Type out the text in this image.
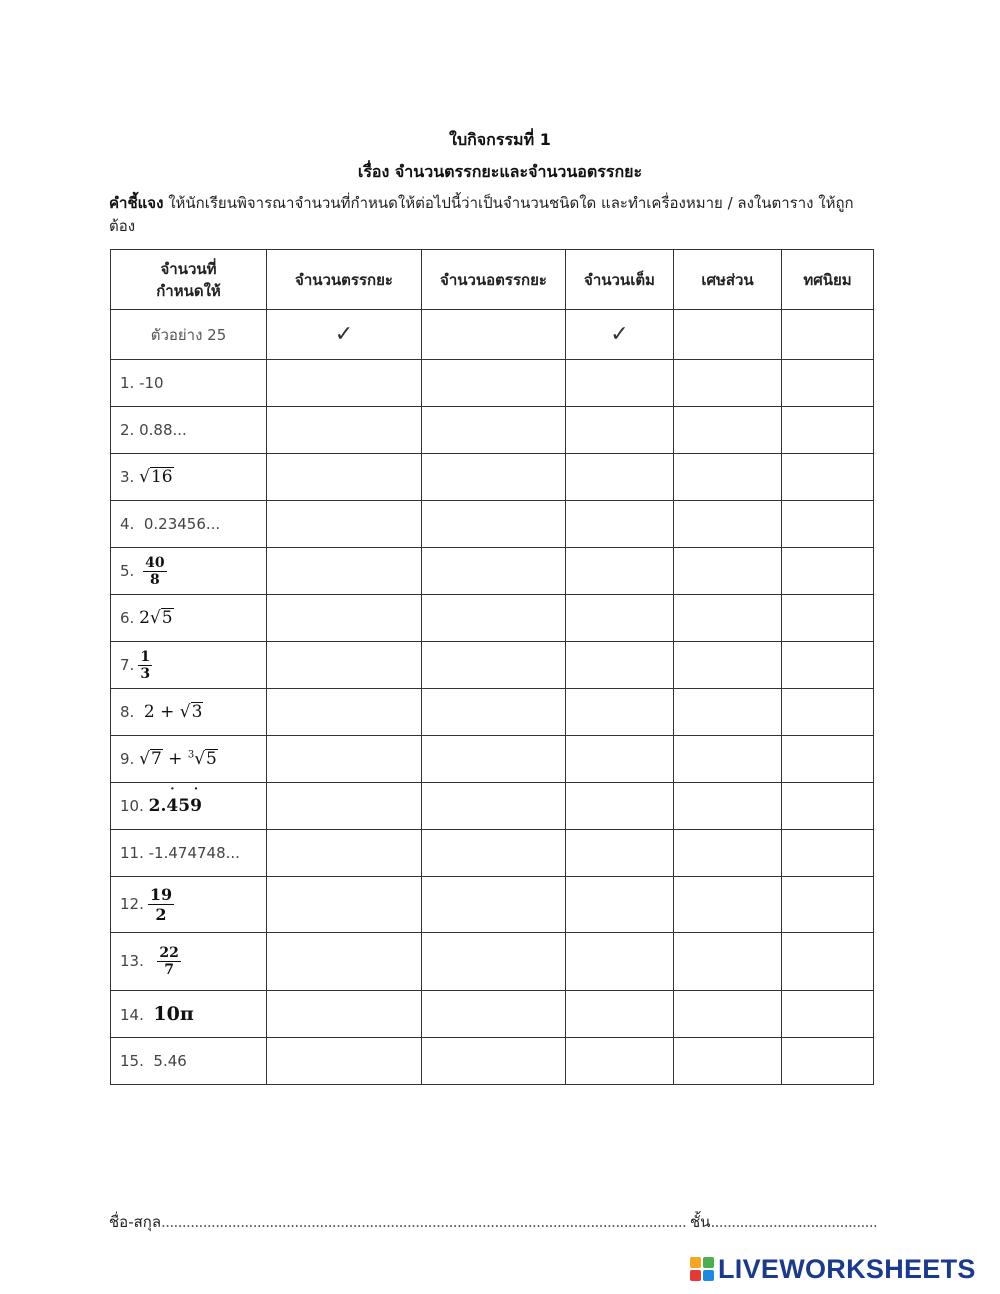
ใบกิจกรรมที่ 1
เรื่อง จำนวนตรรกยะและจำนวนอตรรกยะ
คำชี้แจง ให้นักเรียนพิจารณาจำนวนที่กำหนดให้ต่อไปนี้ว่าเป็นจำนวนชนิดใด และทำเครื่องหมาย / ลงในตาราง ให้ถูกต้อง
จำนวนที่
กำหนดให้	จำนวนตรรกยะ	จำนวนอตรรกยะ	จำนวนเต็ม	เศษส่วน	ทศนิยม
ตัวอย่าง 25	✓		✓		
1. -10					
2. 0.88...					
3. √16					
4. 0.23456...					
5. $\frac{40}{8}$

6. 2√5					
7. $\frac{1}{3}$

8. 2 + √3					
9. √7 + $^3$√5					
10. 2.4 ˙59 ˙					
11. -1.474748...					
12. $\frac{19}{2}$

13. $\frac{22}{7}$

14. 10π					
15. 5.46					
ชื่อ-สกุล.............................................................................................................................. ชั้น........................................
LIVEWORKSHEETS
